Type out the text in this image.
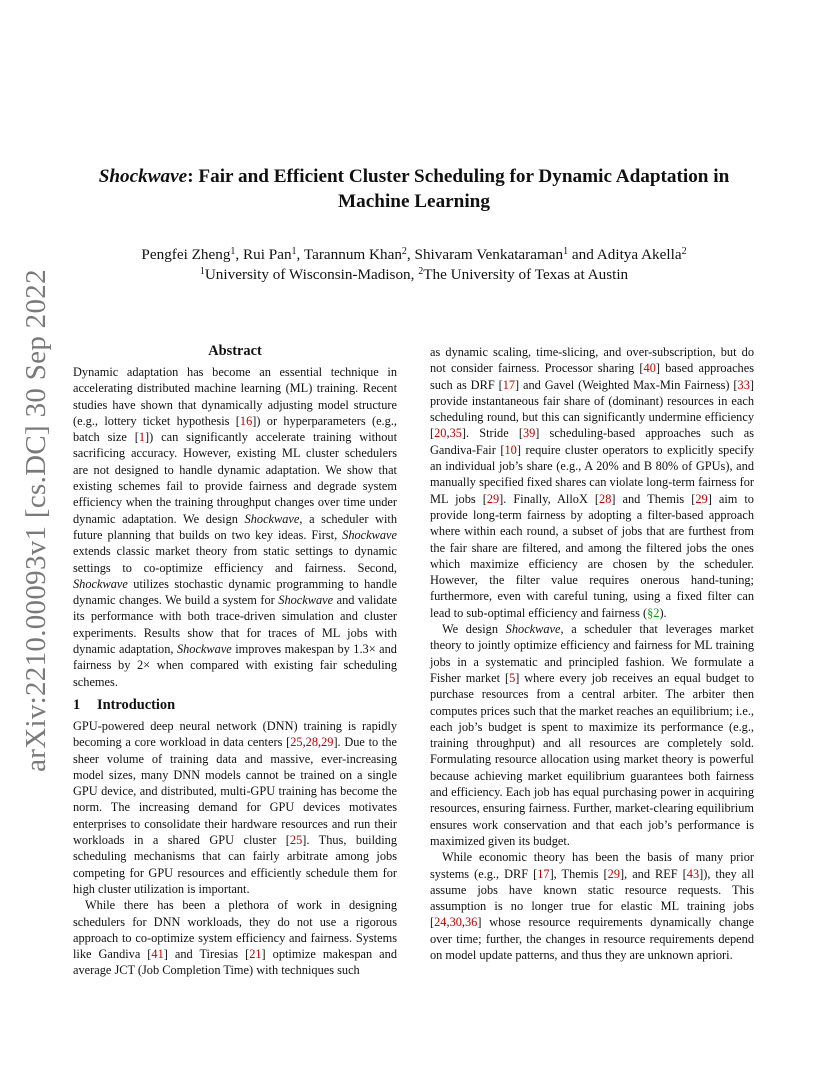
arXiv:2210.00093v1 [cs.DC] 30 Sep 2022
Shockwave: Fair and Efficient Cluster Scheduling for Dynamic Adaptation in
Machine Learning
Pengfei Zheng$^1$, Rui Pan$^1$, Tarannum Khan$^2$, Shivaram Venkataraman$^1$ and Aditya Akella$^2$
$^1$University of Wisconsin-Madison, $^2$The University of Texas at Austin
Abstract

Dynamic adaptation has become an essential technique in accelerating distributed machine learning (ML) training. Recent studies have shown that dynamically adjusting model structure (e.g., lottery ticket hypothesis [16]) or hyperparameters (e.g., batch size [1]) can significantly accelerate training without sacrificing accuracy. However, existing ML cluster schedulers are not designed to handle dynamic adaptation. We show that existing schemes fail to provide fairness and degrade system efficiency when the training throughput changes over time under dynamic adaptation. We design Shockwave, a scheduler with future planning that builds on two key ideas. First, Shockwave extends classic market theory from static settings to dynamic settings to co-optimize efficiency and fairness. Second, Shockwave utilizes stochastic dynamic programming to handle dynamic changes. We build a system for Shockwave and validate its performance with both trace-driven simulation and cluster experiments. Results show that for traces of ML jobs with dynamic adaptation, Shockwave improves makespan by 1.3× and fairness by 2× when compared with existing fair scheduling schemes.

1 Introduction

GPU-powered deep neural network (DNN) training is rapidly becoming a core workload in data centers [25,28,29]. Due to the sheer volume of training data and massive, ever-increasing model sizes, many DNN models cannot be trained on a single GPU device, and distributed, multi-GPU training has become the norm. The increasing demand for GPU devices motivates enterprises to consolidate their hardware resources and run their workloads in a shared GPU cluster [25]. Thus, building scheduling mechanisms that can fairly arbitrate among jobs competing for GPU resources and efficiently schedule them for high cluster utilization is important.

While there has been a plethora of work in designing schedulers for DNN workloads, they do not use a rigorous approach to co-optimize system efficiency and fairness. Systems like Gandiva [41] and Tiresias [21] optimize makespan and average JCT (Job Completion Time) with techniques such

as dynamic scaling, time-slicing, and over-subscription, but do not consider fairness. Processor sharing [40] based approaches such as DRF [17] and Gavel (Weighted Max-Min Fairness) [33] provide instantaneous fair share of (dominant) resources in each scheduling round, but this can significantly undermine efficiency [20,35]. Stride [39] scheduling-based approaches such as Gandiva-Fair [10] require cluster operators to explicitly specify an individual job’s share (e.g., A 20% and B 80% of GPUs), and manually specified fixed shares can violate long-term fairness for ML jobs [29]. Finally, AlloX [28] and Themis [29] aim to provide long-term fairness by adopting a filter-based approach where within each round, a subset of jobs that are furthest from the fair share are filtered, and among the filtered jobs the ones which maximize efficiency are chosen by the scheduler. However, the filter value requires onerous hand-tuning; furthermore, even with careful tuning, using a fixed filter can lead to sub-optimal efficiency and fairness (§2).

We design Shockwave, a scheduler that leverages market theory to jointly optimize efficiency and fairness for ML training jobs in a systematic and principled fashion. We formulate a Fisher market [5] where every job receives an equal budget to purchase resources from a central arbiter. The arbiter then computes prices such that the market reaches an equilibrium; i.e., each job’s budget is spent to maximize its performance (e.g., training throughput) and all resources are completely sold. Formulating resource allocation using market theory is powerful because achieving market equilibrium guarantees both fairness and efficiency. Each job has equal purchasing power in acquiring resources, ensuring fairness. Further, market-clearing equilibrium ensures work conservation and that each job’s performance is maximized given its budget.

While economic theory has been the basis of many prior systems (e.g., DRF [17], Themis [29], and REF [43]), they all assume jobs have known static resource requests. This assumption is no longer true for elastic ML training jobs [24,30,36] whose resource requirements dynamically change over time; further, the changes in resource requirements depend on model update patterns, and thus they are unknown apriori.
